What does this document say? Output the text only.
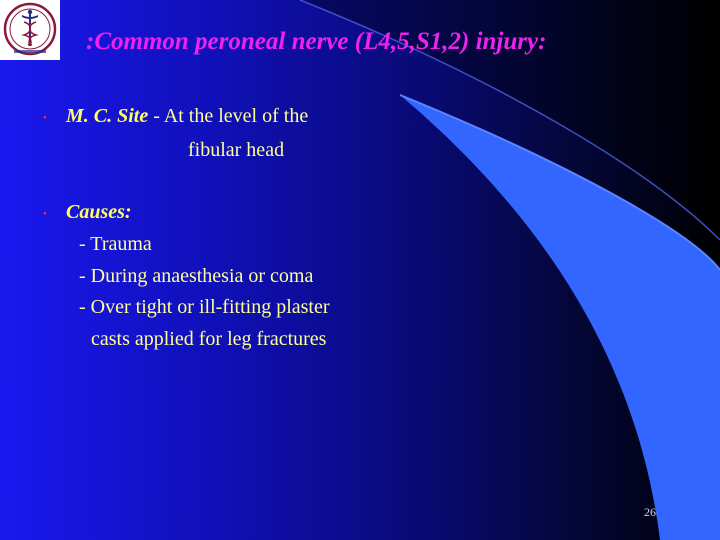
:Common peroneal nerve (L4,5,S1,2) injury:
• M. C. Site - At the level of the
fibular head
• Causes:
- Trauma
- During anaesthesia or coma
- Over tight or ill-fitting plaster
casts applied for leg fractures
26
